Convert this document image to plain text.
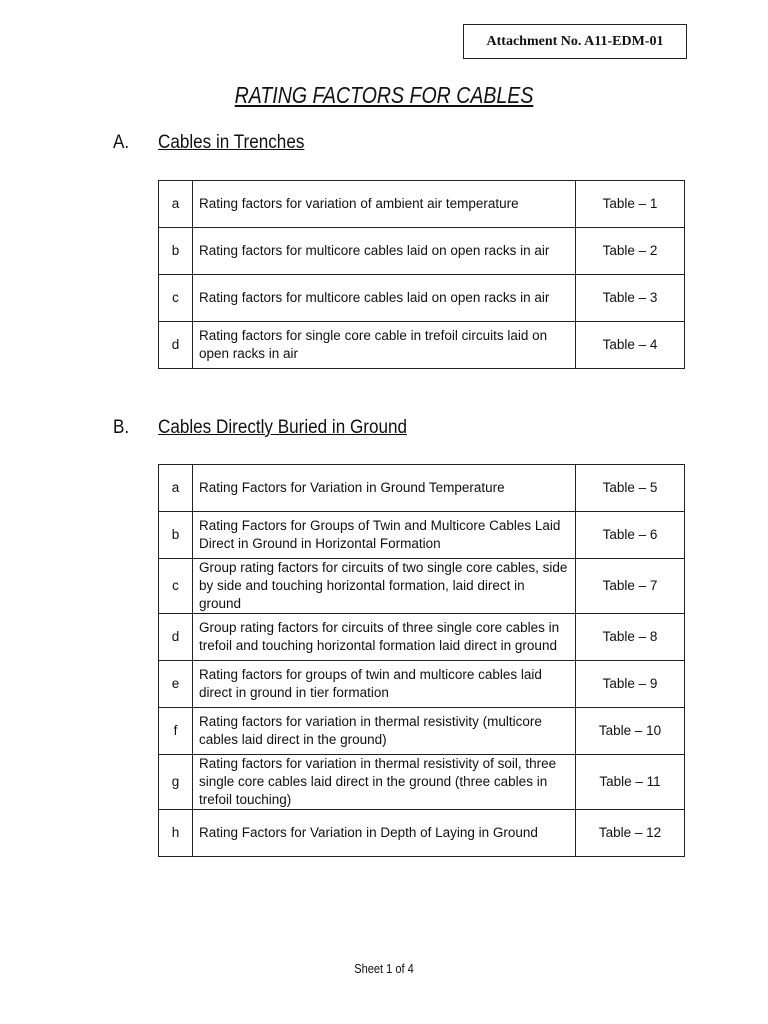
Attachment No. A11-EDM-01
RATING FACTORS FOR CABLES
A. Cables in Trenches
a	Rating factors for variation of ambient air temperature	Table – 1
b	Rating factors for multicore cables laid on open racks in air	Table – 2
c	Rating factors for multicore cables laid on open racks in air	Table – 3
d	Rating factors for single core cable in trefoil circuits laid on open racks in air	Table – 4
B. Cables Directly Buried in Ground
a	Rating Factors for Variation in Ground Temperature	Table – 5
b	Rating Factors for Groups of Twin and Multicore Cables Laid Direct in Ground in Horizontal Formation	Table – 6
c	Group rating factors for circuits of two single core cables, side by side and touching horizontal formation, laid direct in ground	Table – 7
d	Group rating factors for circuits of three single core cables in trefoil and touching horizontal formation laid direct in ground	Table – 8
e	Rating factors for groups of twin and multicore cables laid direct in ground in tier formation	Table – 9
f	Rating factors for variation in thermal resistivity (multicore cables laid direct in the ground)	Table – 10
g	Rating factors for variation in thermal resistivity of soil, three single core cables laid direct in the ground (three cables in trefoil touching)	Table – 11
h	Rating Factors for Variation in Depth of Laying in Ground	Table – 12
Sheet 1 of 4
